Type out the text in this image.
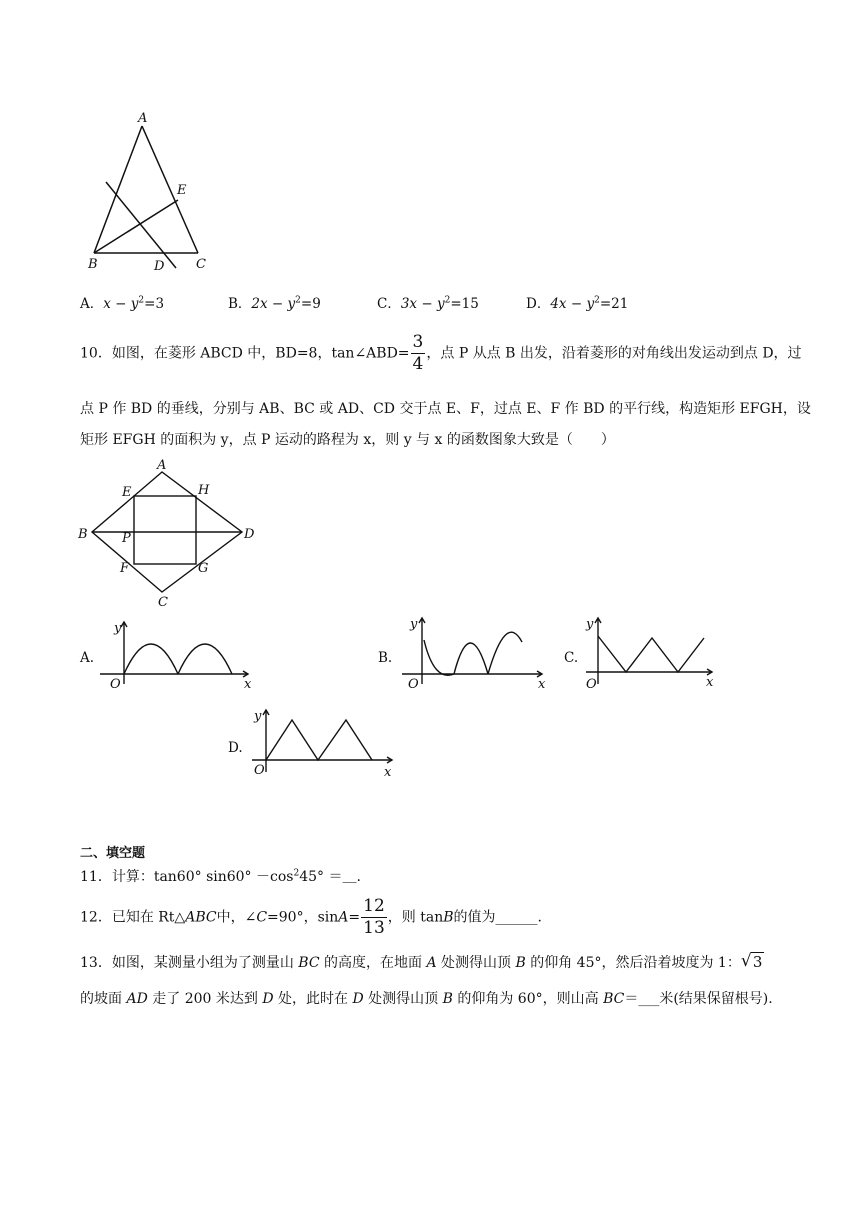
A
E
B	D C
A．$x - y^2=3$	B．$2x - y^2=9$	C．$3x - y^2=15$	D．$4x - y^2=21$
10．如图，在菱形 ABCD 中，BD=8，tan∠ABD= $\frac{3}{4}$ ，点 P 从点 B 出发，沿着菱形的对角线出发运动到点 D，过
点 P 作 BD 的垂线，分别与 AB、BC 或 AD、CD 交于点 E、F，过点 E、F 作 BD 的平行线，构造矩形 EFGH，设
矩形 EFGH 的面积为 y，点 P 运动的路程为 x，则 y 与 x 的函数图象大致是（　　）
A
E	H
B	P	D
F	G
C
A.
y
x
O
B.
y
x
O
C.
y
x
O
D.
y
x
O
二、填空题
11．计算：tan60° $\sin 60^\circ -\cos^245^\circ$ ＝＿.
12．已知在 Rt△ABC中，∠C=90°，$\sin A= \frac{12}{13}$ ，则 tanB的值为______.
13．如图，某测量小组为了测量山 BC 的高度，在地面 A 处测得山顶 B 的仰角 45°，然后沿着坡度为 1： √ 3
的坡面 AD 走了 200 米达到 D 处，此时在 D 处测得山顶 B 的仰角为 60°，则山高 BC＝___米(结果保留根号).
